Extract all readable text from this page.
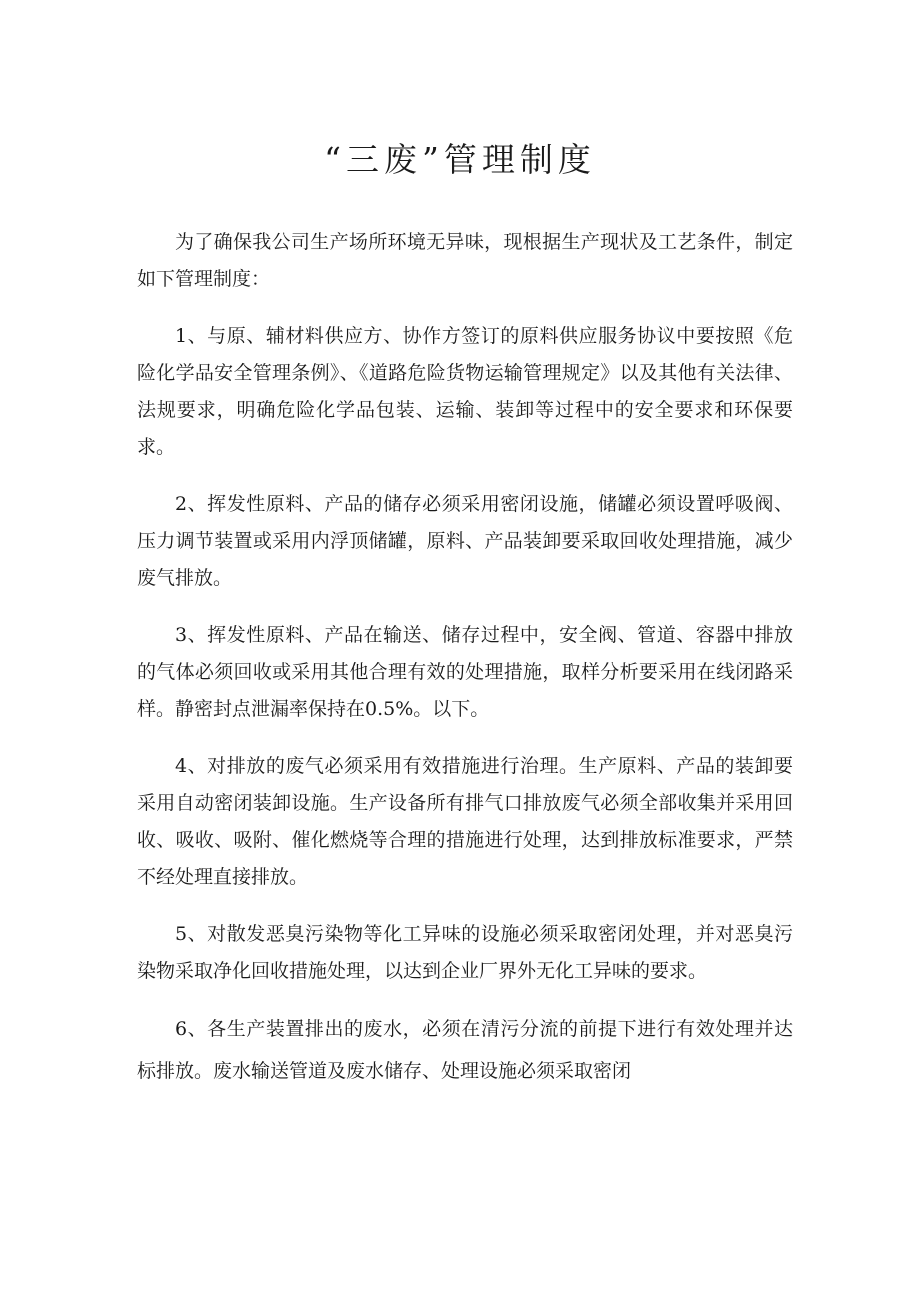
“三废”管理制度

为了确保我公司生产场所环境无异味，现根据生产现状及工艺条件，制定如下管理制度：

1、与原、辅材料供应方、协作方签订的原料供应服务协议中要按照《危险化学品安全管理条例》、《道路危险货物运输管理规定》以及其他有关法律、法规要求，明确危险化学品包装、运输、装卸等过程中的安全要求和环保要求。

2、挥发性原料、产品的储存必须采用密闭设施，储罐必须设置呼吸阀、压力调节装置或采用内浮顶储罐，原料、产品装卸要采取回收处理措施，减少废气排放。

3、挥发性原料、产品在输送、储存过程中，安全阀、管道、容器中排放的气体必须回收或采用其他合理有效的处理措施，取样分析要采用在线闭路采样。静密封点泄漏率保持在0.5%。以下。

4、对排放的废气必须采用有效措施进行治理。生产原料、产品的装卸要采用自动密闭装卸设施。生产设备所有排气口排放废气必须全部收集并采用回收、吸收、吸附、催化燃烧等合理的措施进行处理，达到排放标准要求，严禁不经处理直接排放。

5、对散发恶臭污染物等化工异味的设施必须采取密闭处理，并对恶臭污染物采取净化回收措施处理，以达到企业厂界外无化工异味的要求。

6、各生产装置排出的废水，必须在清污分流的前提下进行有效处理并达标排放。废水输送管道及废水储存、处理设施必须采取密闭
